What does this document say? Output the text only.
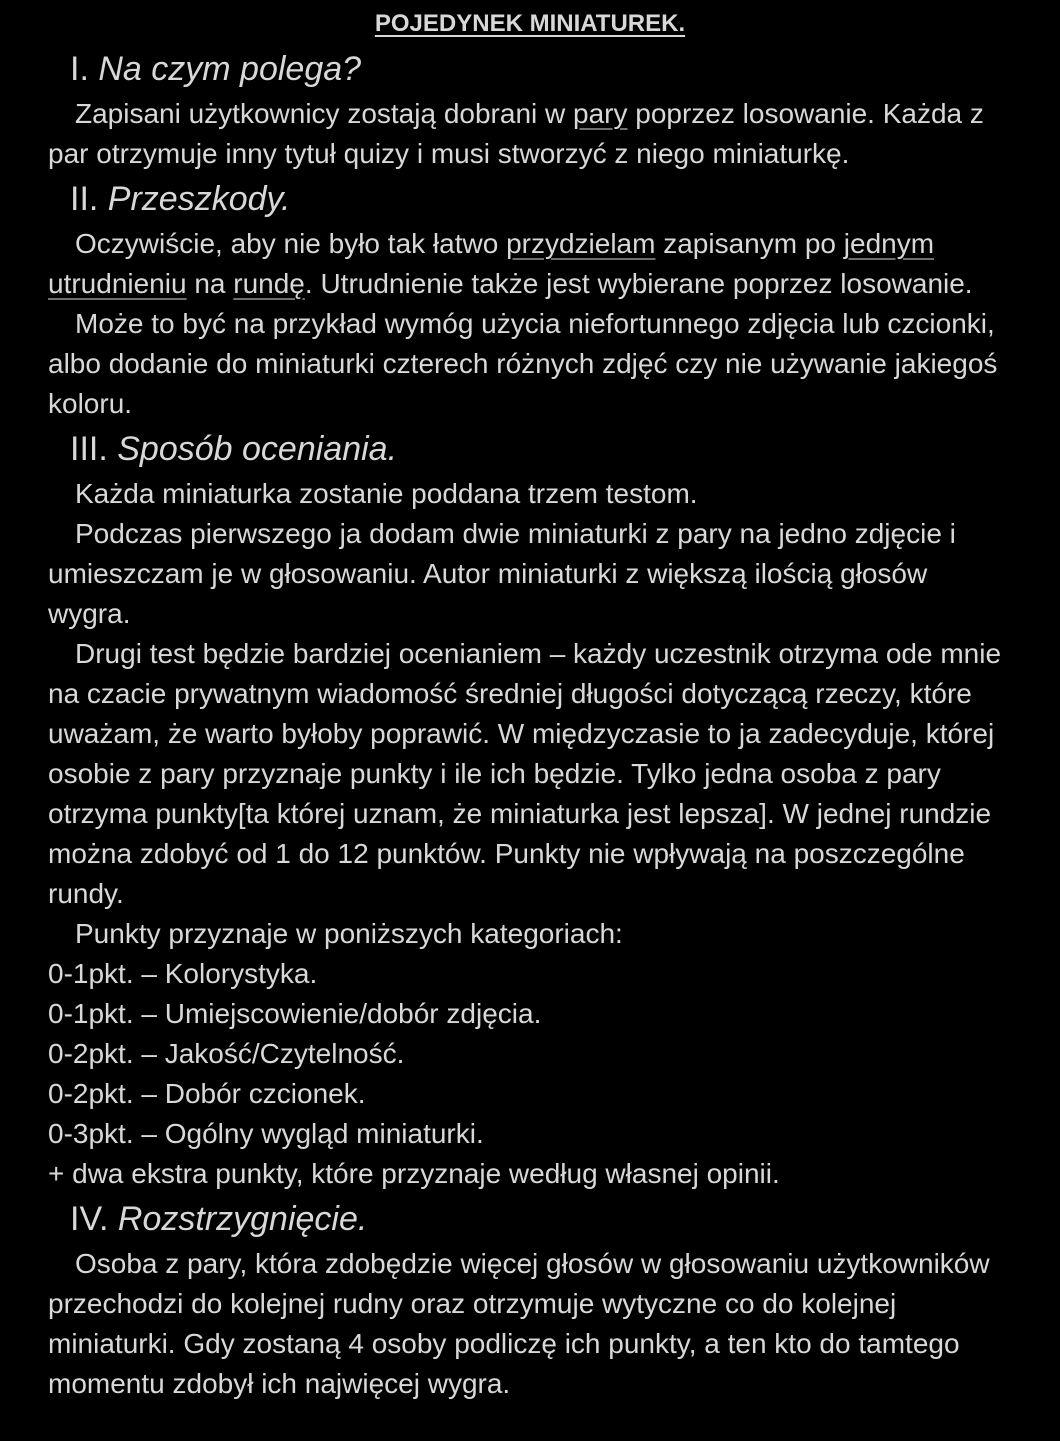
POJEDYNEK MINIATUREK.
I. Na czym polega?

Zapisani użytkownicy zostają dobrani w pary poprzez losowanie. Każda z par otrzymuje inny tytuł quizy i musi stworzyć z niego miniaturkę.

II. Przeszkody.

Oczywiście, aby nie było tak łatwo przydzielam zapisanym po jednym utrudnieniu na rundę. Utrudnienie także jest wybierane poprzez losowanie.

Może to być na przykład wymóg użycia niefortunnego zdjęcia lub czcionki, albo dodanie do miniaturki czterech różnych zdjęć czy nie używanie jakiegoś koloru.

III. Sposób oceniania.

Każda miniaturka zostanie poddana trzem testom.

Podczas pierwszego ja dodam dwie miniaturki z pary na jedno zdjęcie i umieszczam je w głosowaniu. Autor miniaturki z większą ilością głosów wygra.

Drugi test będzie bardziej ocenianiem – każdy uczestnik otrzyma ode mnie na czacie prywatnym wiadomość średniej długości dotyczącą rzeczy, które uważam, że warto byłoby poprawić. W międzyczasie to ja zadecyduje, której osobie z pary przyznaje punkty i ile ich będzie. Tylko jedna osoba z pary otrzyma punkty[ta której uznam, że miniaturka jest lepsza]. W jednej rundzie można zdobyć od 1 do 12 punktów. Punkty nie wpływają na poszczególne rundy.

Punkty przyznaje w poniższych kategoriach:

0-1pkt. – Kolorystyka.

0-1pkt. – Umiejscowienie/dobór zdjęcia.

0-2pkt. – Jakość/Czytelność.

0-2pkt. – Dobór czcionek.

0-3pkt. – Ogólny wygląd miniaturki.

+ dwa ekstra punkty, które przyznaje według własnej opinii.

IV. Rozstrzygnięcie.

Osoba z pary, która zdobędzie więcej głosów w głosowaniu użytkowników przechodzi do kolejnej rudny oraz otrzymuje wytyczne co do kolejnej miniaturki. Gdy zostaną 4 osoby podliczę ich punkty, a ten kto do tamtego momentu zdobył ich najwięcej wygra.
